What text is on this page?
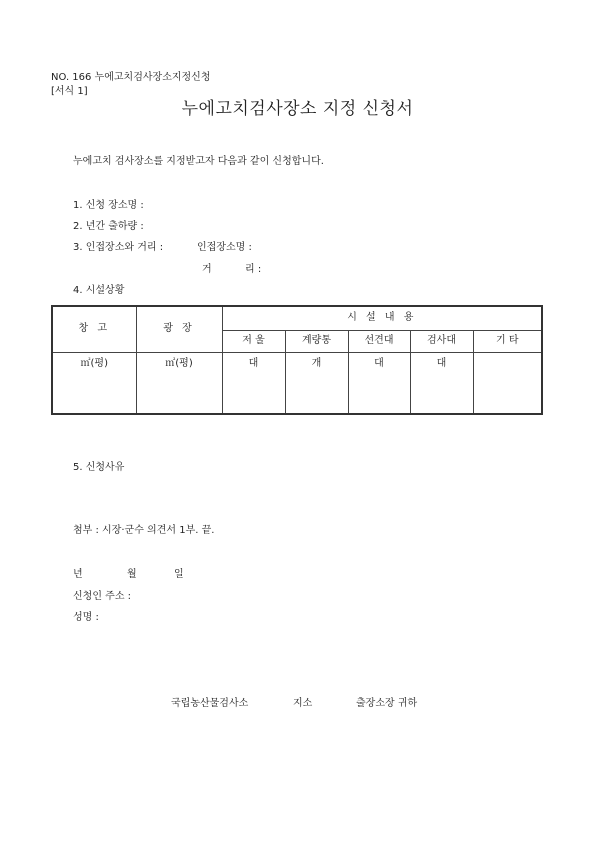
NO. 166 누에고치검사장소지정신청
[서식 1]
누에고치검사장소 지정 신청서
누에고치 검사장소를 지정받고자 다음과 같이 신청합니다.
1. 신청 장소명 :
2. 년간 출하량 :
3. 인접장소와 거리 :	인접장소명 :
거	리 :
4. 시설상황
창 고	광 장	시 설 내 용				
		저 울	계량통	선견대	검사대	기 타
㎡(평)	㎡(평)	대	개	대	대	
5. 신청사유
첨부 : 시장·군수 의견서 1부. 끝.
년	월	일
신청인 주소 :
성명 :
국립농산물검사소	지소	출장소장 귀하
